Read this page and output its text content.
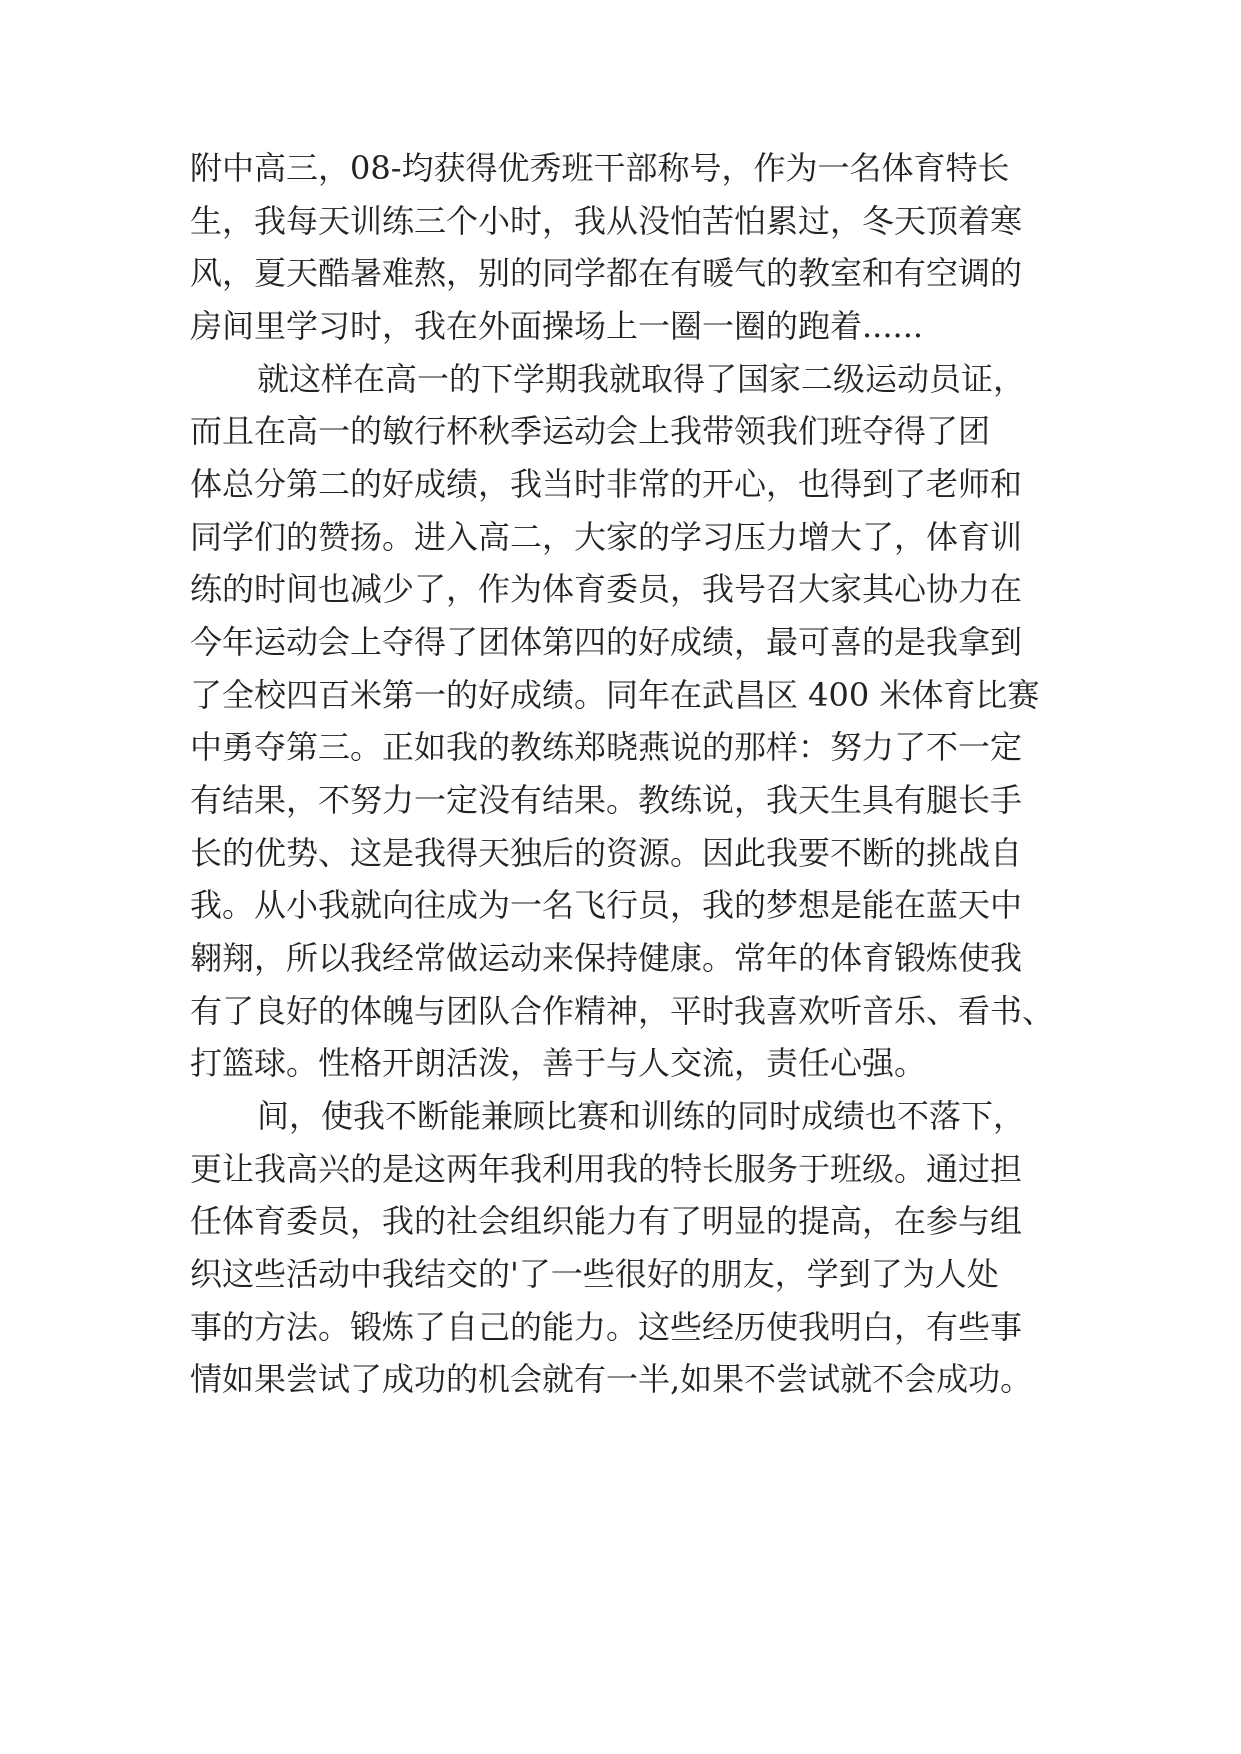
附中高三，08-均获得优秀班干部称号，作为一名体育特长
生，我每天训练三个小时，我从没怕苦怕累过，冬天顶着寒
风，夏天酷暑难熬，别的同学都在有暖气的教室和有空调的
房间里学习时，我在外面操场上一圈一圈的跑着......
就这样在高一的下学期我就取得了国家二级运动员证，
而且在高一的敏行杯秋季运动会上我带领我们班夺得了团
体总分第二的好成绩，我当时非常的开心，也得到了老师和
同学们的赞扬。进入高二，大家的学习压力增大了，体育训
练的时间也减少了，作为体育委员，我号召大家其心协力在
今年运动会上夺得了团体第四的好成绩，最可喜的是我拿到
了全校四百米第一的好成绩。同年在武昌区 400 米体育比赛
中勇夺第三。正如我的教练郑晓燕说的那样：努力了不一定
有结果，不努力一定没有结果。教练说，我天生具有腿长手
长的优势、这是我得天独后的资源。因此我要不断的挑战自
我。从小我就向往成为一名飞行员，我的梦想是能在蓝天中
翱翔，所以我经常做运动来保持健康。常年的体育锻炼使我
有了良好的体魄与团队合作精神，平时我喜欢听音乐、看书、
打篮球。性格开朗活泼，善于与人交流，责任心强。
间，使我不断能兼顾比赛和训练的同时成绩也不落下，
更让我高兴的是这两年我利用我的特长服务于班级。通过担
任体育委员，我的社会组织能力有了明显的提高，在参与组
织这些活动中我结交的'了一些很好的朋友，学到了为人处
事的方法。锻炼了自己的能力。这些经历使我明白，有些事
情如果尝试了成功的机会就有一半,如果不尝试就不会成功。
